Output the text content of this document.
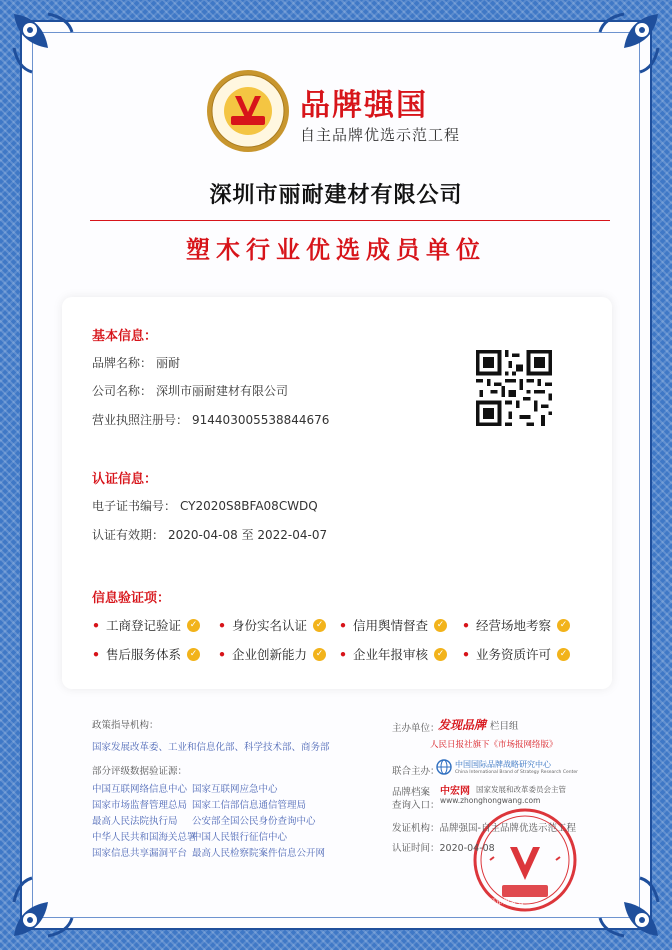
品牌强国
自主品牌优选示范工程
深圳市丽耐建材有限公司
塑木行业优选成员单位
基本信息：
品牌名称： 丽耐
公司名称： 深圳市丽耐建材有限公司
营业执照注册号： 914403005538844676
认证信息：
电子证书编号： CY2020S8BFA08CWDQ
认证有效期： 2020-04-08 至 2022-04-07
信息验证项：
• 工商登记验证 ✓ • 身份实名认证 ✓ • 信用舆情督查 ✓ • 经营场地考察 ✓
• 售后服务体系 ✓ • 企业创新能力 ✓ • 企业年报审核 ✓ • 业务资质许可 ✓
政策指导机构：
国家发展改革委、工业和信息化部、科学技术部、商务部
部分评级数据验证源：
中国互联网络信息中心
国家市场监督管理总局
最高人民法院执行局
中华人民共和国海关总署
国家信息共享漏洞平台
国家互联网应急中心
国家工信部信息通信管理局
公安部全国公民身份查询中心
中国人民银行征信中心
最高人民检察院案件信息公开网
主办单位：
发现品牌 栏目组
人民日报社旗下《市场报网络版》
联合主办：
中国国际品牌战略研究中心
China International Brand of Strategy Research Center
品牌档案
查询入口：
中宏网 国家发展和改革委员会主管
www.zhonghongwang.com
评审组委会
发证机构：品牌强国-自主品牌优选示范工程
认证时间：2020-04-08
